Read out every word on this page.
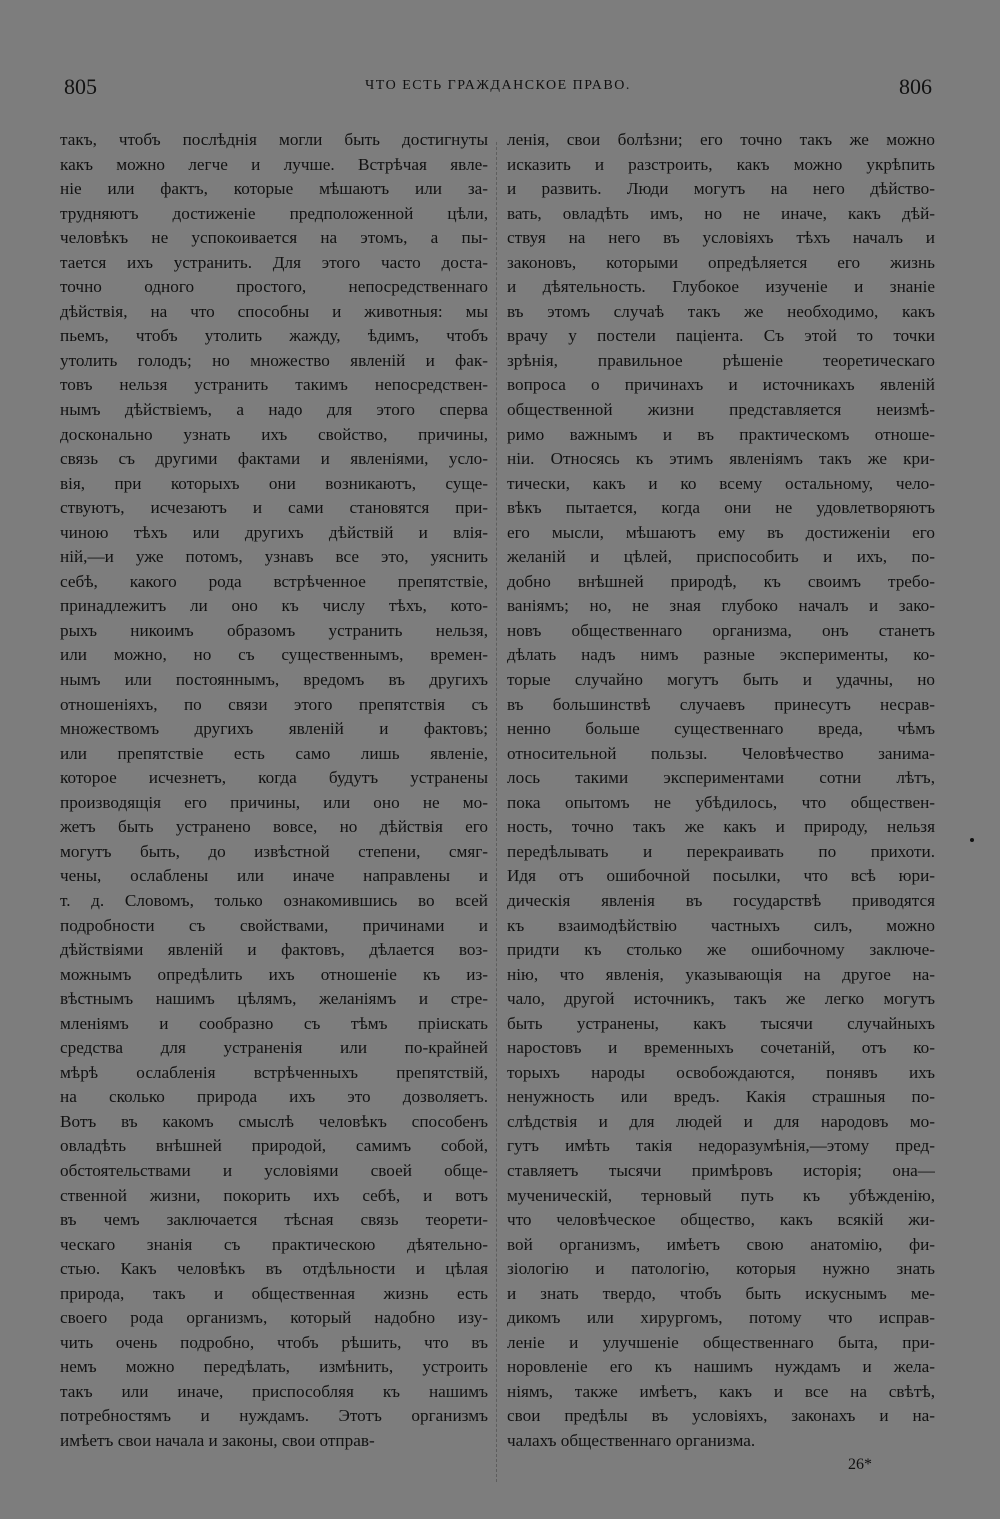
805	ЧТО ЕСТЬ ГРАЖДАНСКОЕ ПРАВО.	806
такъ, чтобъ послѣднія могли быть достигнуты
какъ можно легче и лучше. Встрѣчая явле-
ніе или фактъ, которые мѣшаютъ или за-
трудняютъ достиженіе предположенной цѣли,
человѣкъ не успокоивается на этомъ, а пы-
тается ихъ устранить. Для этого часто доста-
точно одного простого, непосредственнаго
дѣйствія, на что способны и животныя: мы
пьемъ, чтобъ утолить жажду, ѣдимъ, чтобъ
утолить голодъ; но множество явленій и фак-
товъ нельзя устранить такимъ непосредствен-
нымъ дѣйствіемъ, а надо для этого сперва
досконально узнать ихъ свойство, причины,
связь съ другими фактами и явленіями, усло-
вія, при которыхъ они возникаютъ, суще-
ствуютъ, исчезаютъ и сами становятся при-
чиною тѣхъ или другихъ дѣйствій и влія-
ній,—и уже потомъ, узнавъ все это, уяснить
себѣ, какого рода встрѣченное препятствіе,
принадлежитъ ли оно къ числу тѣхъ, кото-
рыхъ никоимъ образомъ устранить нельзя,
или можно, но съ существеннымъ, времен-
нымъ или постояннымъ, вредомъ въ другихъ
отношеніяхъ, по связи этого препятствія съ
множествомъ другихъ явленій и фактовъ;
или препятствіе есть само лишь явленіе,
которое исчезнетъ, когда будутъ устранены
производящія его причины, или оно не мо-
жетъ быть устранено вовсе, но дѣйствія его
могутъ быть, до извѣстной степени, смяг-
чены, ослаблены или иначе направлены и
т. д. Словомъ, только ознакомившись во всей
подробности съ свойствами, причинами и
дѣйствіями явленій и фактовъ, дѣлается воз-
можнымъ опредѣлить ихъ отношеніе къ из-
вѣстнымъ нашимъ цѣлямъ, желаніямъ и стре-
мленіямъ и сообразно съ тѣмъ пріискать
средства для устраненія или по-крайней
мѣрѣ ослабленія встрѣченныхъ препятствій,
на сколько природа ихъ это дозволяетъ.
Вотъ въ какомъ смыслѣ человѣкъ способенъ
овладѣть внѣшней природой, самимъ собой,
обстоятельствами и условіями своей обще-
ственной жизни, покорить ихъ себѣ, и вотъ
въ чемъ заключается тѣсная связь теорети-
ческаго знанія съ практическою дѣятельно-
стью. Какъ человѣкъ въ отдѣльности и цѣлая
природа, такъ и общественная жизнь есть
своего рода организмъ, который надобно изу-
чить очень подробно, чтобъ рѣшить, что въ
немъ можно передѣлать, измѣнить, устроить
такъ или иначе, приспособляя къ нашимъ
потребностямъ и нуждамъ. Этотъ организмъ
имѣетъ свои начала и законы, свои отправ-
ленія, свои болѣзни; его точно такъ же можно
исказить и разстроить, какъ можно укрѣпить
и развить. Люди могутъ на него дѣйство-
вать, овладѣть имъ, но не иначе, какъ дѣй-
ствуя на него въ условіяхъ тѣхъ началъ и
законовъ, которыми опредѣляется его жизнь
и дѣятельность. Глубокое изученіе и знаніе
въ этомъ случаѣ такъ же необходимо, какъ
врачу у постели паціента. Съ этой то точки
зрѣнія, правильное рѣшеніе теоретическаго
вопроса о причинахъ и источникахъ явленій
общественной жизни представляется неизмѣ-
римо важнымъ и въ практическомъ отноше-
ніи. Относясь къ этимъ явленіямъ такъ же кри-
тически, какъ и ко всему остальному, чело-
вѣкъ пытается, когда они не удовлетворяютъ
его мысли, мѣшаютъ ему въ достиженіи его
желаній и цѣлей, приспособить и ихъ, по-
добно внѣшней природѣ, къ своимъ требо-
ваніямъ; но, не зная глубоко началъ и зако-
новъ общественнаго организма, онъ станетъ
дѣлать надъ нимъ разные эксперименты, ко-
торые случайно могутъ быть и удачны, но
въ большинствѣ случаевъ принесутъ несрав-
ненно больше существеннаго вреда, чѣмъ
относительной пользы. Человѣчество занима-
лось такими экспериментами сотни лѣтъ,
пока опытомъ не убѣдилось, что обществен-
ность, точно такъ же какъ и природу, нельзя
передѣлывать и перекраивать по прихоти.
Идя отъ ошибочной посылки, что всѣ юри-
дическія явленія въ государствѣ приводятся
къ взаимодѣйствію частныхъ силъ, можно
придти къ столько же ошибочному заключе-
нію, что явленія, указывающія на другое на-
чало, другой источникъ, такъ же легко могутъ
быть устранены, какъ тысячи случайныхъ
наростовъ и временныхъ сочетаній, отъ ко-
торыхъ народы освобождаются, понявъ ихъ
ненужность или вредъ. Какія страшныя по-
слѣдствія и для людей и для народовъ мо-
гутъ имѣть такія недоразумѣнія,—этому пред-
ставляетъ тысячи примѣровъ исторія; она—
мученическій, терновый путь къ убѣжденію,
что человѣческое общество, какъ всякій жи-
вой организмъ, имѣетъ свою анатомію, фи-
зіологію и патологію, которыя нужно знать
и знать твердо, чтобъ быть искуснымъ ме-
дикомъ или хирургомъ, потому что исправ-
леніе и улучшеніе общественнаго быта, при-
норовленіе его къ нашимъ нуждамъ и жела-
ніямъ, также имѣетъ, какъ и все на свѣтѣ,
свои предѣлы въ условіяхъ, законахъ и на-
чалахъ общественнаго организма.
26*
